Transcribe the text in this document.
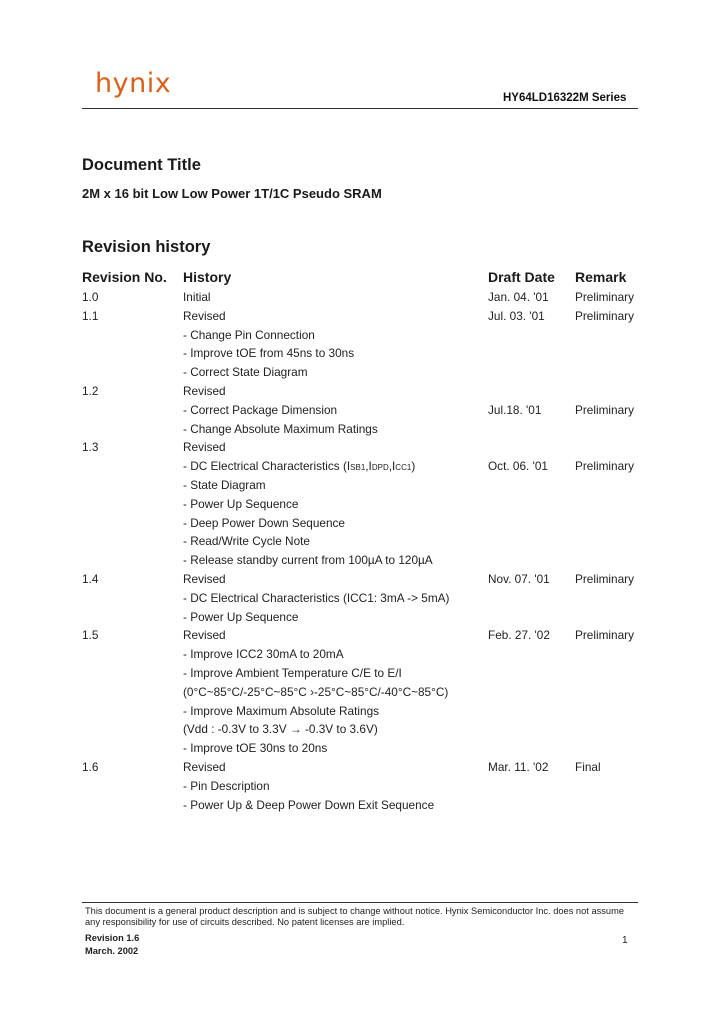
hynix	HY64LD16322M Series
Document Title
2M x 16 bit Low Low Power 1T/1C Pseudo SRAM
Revision history
Revision No. History	Draft Date Remark
1.0	Initial	Jan. 04. '01 Preliminary
1.1	Revised	Jul. 03. '01	Preliminary
- Change Pin Connection
- Improve tOE from 45ns to 30ns
- Correct State Diagram
1.2	Revised
- Correct Package Dimension	Jul.18. '01	Preliminary
- Change Absolute Maximum Ratings
1.3	Revised
- DC Electrical Characteristics (ISB1,IDPD,ICC1)	Oct. 06. '01 Preliminary
- State Diagram
- Power Up Sequence
- Deep Power Down Sequence
- Read/Write Cycle Note
- Release standby current from 100µA to 120µA
1.4	Revised	Nov. 07. '01 Preliminary
- DC Electrical Characteristics (ICC1: 3mA -> 5mA)
- Power Up Sequence
1.5	Revised	Feb. 27. '02 Preliminary
- Improve ICC2 30mA to 20mA
- Improve Ambient Temperature C/E to E/I
(0°C~85°C/-25°C~85°C ›-25°C~85°C/-40°C~85°C)
- Improve Maximum Absolute Ratings
(Vdd : -0.3V to 3.3V → -0.3V to 3.6V)
- Improve tOE 30ns to 20ns
1.6	Revised	Mar. 11. '02 Final
- Pin Description
- Power Up & Deep Power Down Exit Sequence
This document is a general product description and is subject to change without notice. Hynix Semiconductor Inc. does not assume any responsibility for use of circuits described. No patent licenses are implied.
Revision 1.6
March. 2002
1
